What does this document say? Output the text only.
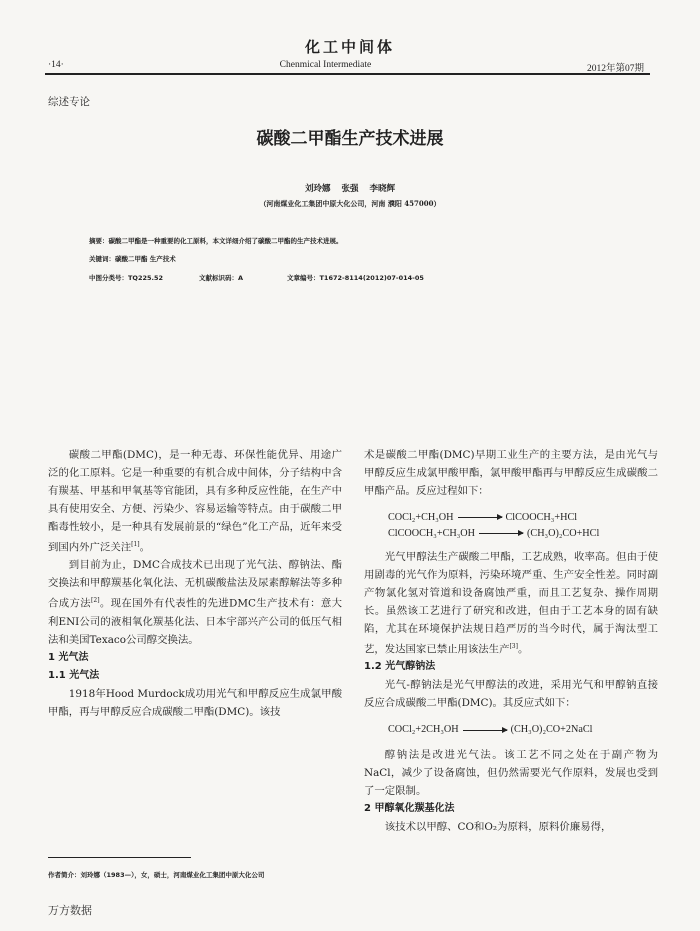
化工中间体
·14·	Chenmical Intermediate	2012年第07期
综述专论
碳酸二甲酯生产技术进展
刘玲娜 张强 李晓辉
（河南煤业化工集团中原大化公司，河南 濮阳 457000）
摘要：碳酸二甲酯是一种重要的化工原料，本文详细介绍了碳酸二甲酯的生产技术进展。
关键词：碳酸二甲酯 生产技术
中图分类号：TQ225.52	文献标识码：A	文章编号：T1672-8114(2012)07-014-05

碳酸二甲酯(DMC)，是一种无毒、环保性能优异、用途广泛的化工原料。它是一种重要的有机合成中间体，分子结构中含有羰基、甲基和甲氧基等官能团，具有多种反应性能，在生产中具有使用安全、方便、污染少、容易运输等特点。由于碳酸二甲酯毒性较小，是一种具有发展前景的“绿色”化工产品，近年来受到国内外广泛关注[1]。

到目前为止，DMC合成技术已出现了光气法、醇钠法、酯交换法和甲醇羰基化氧化法、无机碳酸盐法及尿素醇解法等多种合成方法[2]。现在国外有代表性的先进DMC生产技术有：意大利ENI公司的液相氧化羰基化法、日本宇部兴产公司的低压气相法和美国Texaco公司醇交换法。

1 光气法

1.1 光气法

1918年Hood Murdock成功用光气和甲醇反应生成氯甲酸甲酯，再与甲醇反应合成碳酸二甲酯(DMC)。该技

术是碳酸二甲酯(DMC)早期工业生产的主要方法，是由光气与甲醇反应生成氯甲酸甲酯，氯甲酸甲酯再与甲醇反应生成碳酸二甲酯产品。反应过程如下：

COCl₂+CH₃OH	ClCOOCH₃+HCl

ClCOOCH₃+CH₃OH	(CH₃O)₂CO+HCl

光气甲醇法生产碳酸二甲酯，工艺成熟，收率高。但由于使用剧毒的光气作为原料，污染环境严重、生产安全性差。同时副产物氯化氢对管道和设备腐蚀严重，而且工艺复杂、操作周期长。虽然该工艺进行了研究和改进，但由于工艺本身的固有缺陷，尤其在环境保护法规日趋严厉的当今时代，属于淘汰型工艺，发达国家已禁止用该法生产[3]。

1.2 光气醇钠法

光气-醇钠法是光气甲醇法的改进，采用光气和甲醇钠直接反应合成碳酸二甲酯(DMC)。其反应式如下：

COCl₂+2CH₃OH	(CH₃O)₂CO+2NaCl

醇钠法是改进光气法。该工艺不同之处在于副产物为NaCl，减少了设备腐蚀，但仍然需要光气作原料，发展也受到了一定限制。

2 甲醇氧化羰基化法

该技术以甲醇、CO和O₂为原料，原料价廉易得，

作者简介：刘玲娜（1983—），女，硕士，河南煤业化工集团中原大化公司
万方数据
